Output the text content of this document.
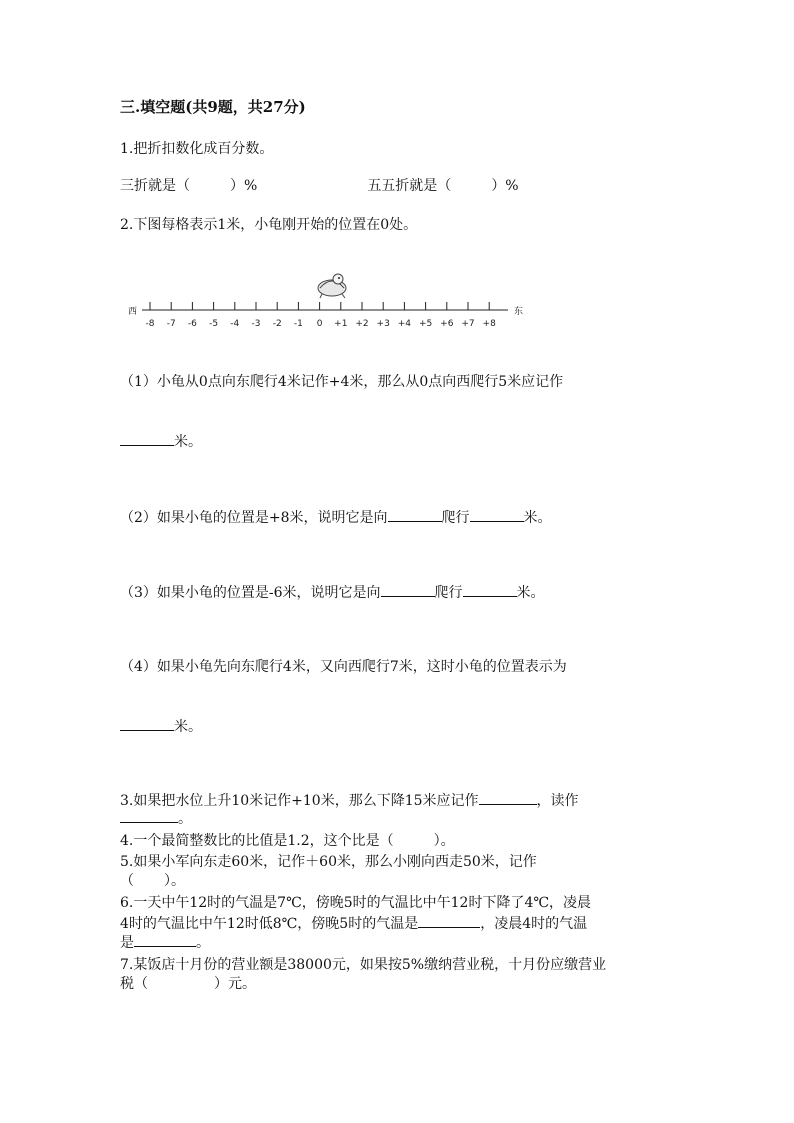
三.填空题(共9题，共27分)
1.把折扣数化成百分数。
三折就是（	）%	五五折就是（	）%
2.下图每格表示1米，小龟刚开始的位置在0处。
西
-8 -7 -6 -5 -4 -3 -2 -1 0 +1 +2 +3 +4 +5 +6 +7 +8
东
（1）小龟从0点向东爬行4米记作+4米，那么从0点向西爬行5米应记作
米。
（2）如果小龟的位置是+8米，说明它是向	爬行	米。
（3）如果小龟的位置是-6米，说明它是向	爬行	米。
（4）如果小龟先向东爬行4米，又向西爬行7米，这时小龟的位置表示为
米。
3.如果把水位上升10米记作+10米，那么下降15米应记作	，读作
。
4.一个最简整数比的比值是1.2，这个比是（	）。
5.如果小军向东走60米，记作＋60米，那么小刚向西走50米，记作
（ ）。
6.一天中午12时的气温是7℃，傍晚5时的气温比中午12时下降了4℃，凌晨
4时的气温比中午12时低8℃，傍晚5时的气温是	，凌晨4时的气温
是	。
7.某饭店十月份的营业额是38000元，如果按5%缴纳营业税，十月份应缴营业
税（	）元。
